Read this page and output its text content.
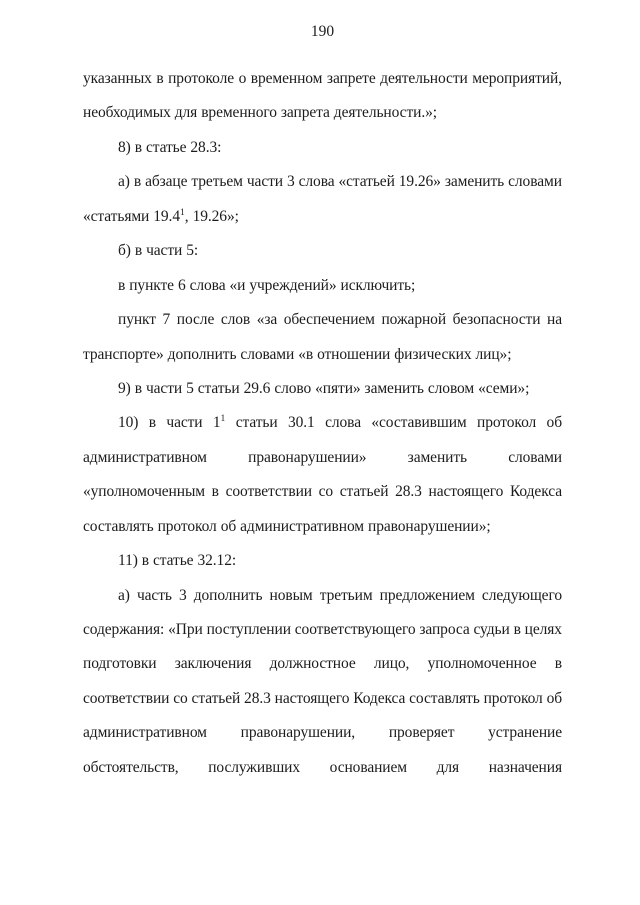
190
указанных в протоколе о временном запрете деятельности мероприятий,
необходимых для временного запрета деятельности.»;
8) в статье 28.3:
а) в абзаце третьем части 3 слова «статьей 19.26» заменить словами
«статьями 19.4$^1$, 19.26»;
б) в части 5:
в пункте 6 слова «и учреждений» исключить;
пункт 7 после слов «за обеспечением пожарной безопасности на
транспорте» дополнить словами «в отношении физических лиц»;
9) в части 5 статьи 29.6 слово «пяти» заменить словом «семи»;
10) в части $1^1$ статьи 30.1 слова «составившим протокол об
административном	правонарушении»	заменить	словами
«уполномоченным в соответствии со статьей 28.3 настоящего Кодекса
составлять протокол об административном правонарушении»;
11) в статье 32.12:
а) часть 3 дополнить новым третьим предложением следующего
содержания: «При поступлении соответствующего запроса судьи в целях
подготовки заключения должностное лицо, уполномоченное в
соответствии со статьей 28.3 настоящего Кодекса составлять протокол об
административном правонарушении, проверяет устранение
обстоятельств, послуживших основанием для назначения
